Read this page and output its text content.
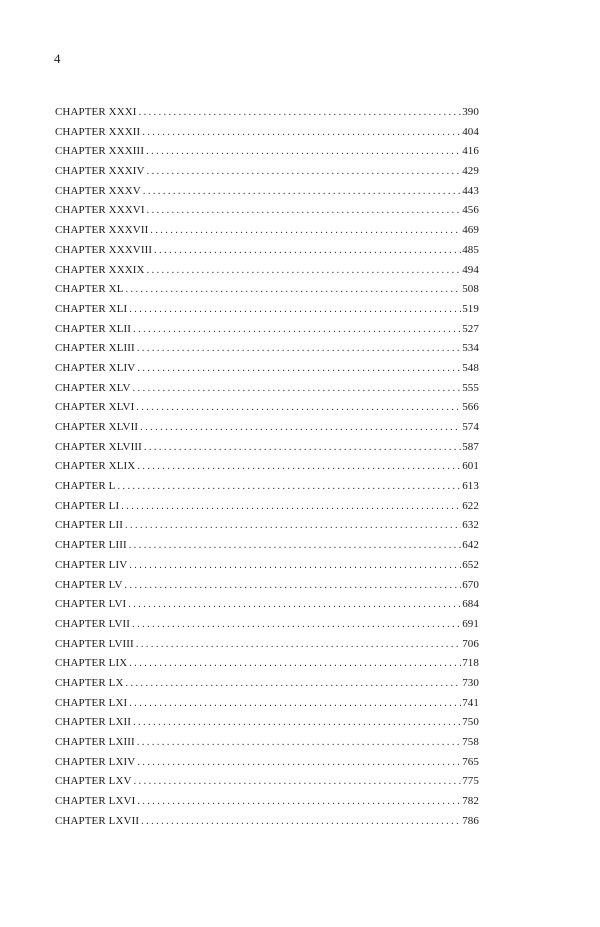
4
CHAPTER XXXI . . .	390
CHAPTER XXXII . . .	404
CHAPTER XXXIII . . .	416
CHAPTER XXXIV . . .	429
CHAPTER XXXV . . .	443
CHAPTER XXXVI . . .	456
CHAPTER XXXVII . . .	469
CHAPTER XXXVIII . . .	485
CHAPTER XXXIX . . .	494
CHAPTER XL . . .	508
CHAPTER XLI . . .	519
CHAPTER XLII . . .	527
CHAPTER XLIII . . .	534
CHAPTER XLIV . . .	548
CHAPTER XLV . . .	555
CHAPTER XLVI . . .	566
CHAPTER XLVII . . .	574
CHAPTER XLVIII . . .	587
CHAPTER XLIX . . .	601
CHAPTER L . . .	613
CHAPTER LI . . .	622
CHAPTER LII . . .	632
CHAPTER LIII . . .	642
CHAPTER LIV . . .	652
CHAPTER LV . . .	670
CHAPTER LVI . . .	684
CHAPTER LVII . . .	691
CHAPTER LVIII . . .	706
CHAPTER LIX . . .	718
CHAPTER LX . . .	730
CHAPTER LXI . . .	741
CHAPTER LXII . . .	750
CHAPTER LXIII . . .	758
CHAPTER LXIV . . .	765
CHAPTER LXV . . .	775
CHAPTER LXVI . . .	782
CHAPTER LXVII . . .	786
